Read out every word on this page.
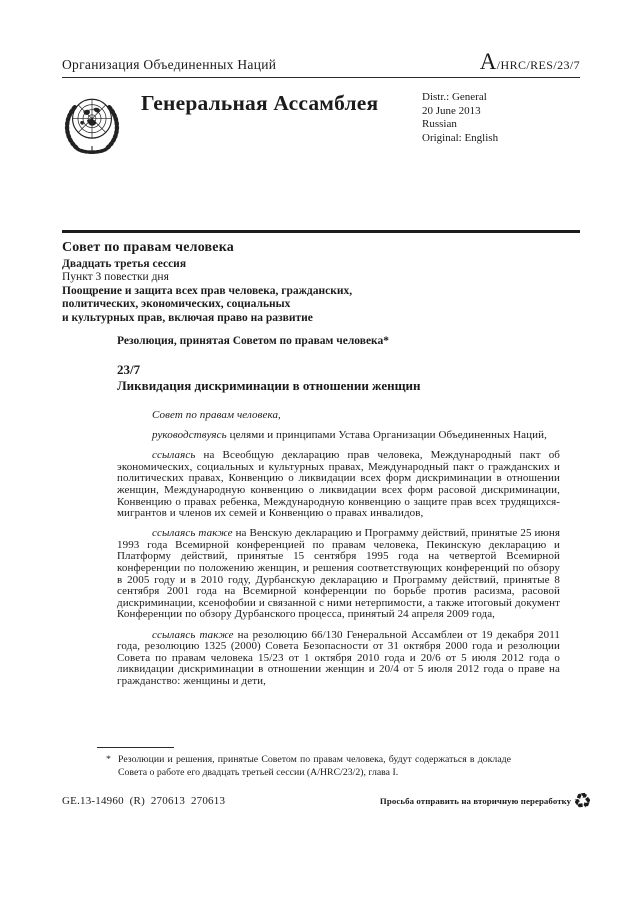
Организация Объединенных Наций	A/HRC/RES/23/7
Генеральная Ассамблея	Distr.: General
20 June 2013
Russian
Original: English
Совет по правам человека
Двадцать третья сессия
Пункт 3 повестки дня
Поощрение и защита всех прав человека, гражданских,
политических, экономических, социальных
и культурных прав, включая право на развитие
Резолюция, принятая Советом по правам человека*
23/7
Ликвидация дискриминации в отношении женщин

Совет по правам человека,

руководствуясь целями и принципами Устава Организации Объединенных Наций,

ссылаясь на Всеобщую декларацию прав человека, Международный пакт об экономических, социальных и культурных правах, Международный пакт о гражданских и политических правах, Конвенцию о ликвидации всех форм дискриминации в отношении женщин, Международную конвенцию о ликвидации всех форм расовой дискриминации, Конвенцию о правах ребенка, Международную конвенцию о защите прав всех трудящихся-мигрантов и членов их семей и Конвенцию о правах инвалидов,

ссылаясь также на Венскую декларацию и Программу действий, принятые 25 июня 1993 года Всемирной конференцией по правам человека, Пекинскую декларацию и Платформу действий, принятые 15 сентября 1995 года на четвертой Всемирной конференции по положению женщин, и решения соответствующих конференций по обзору в 2005 году и в 2010 году, Дурбанскую декларацию и Программу действий, принятые 8 сентября 2001 года на Всемирной конференции по борьбе против расизма, расовой дискриминации, ксенофобии и связанной с ними нетерпимости, а также итоговый документ Конференции по обзору Дурбанского процесса, принятый 24 апреля 2009 года,

ссылаясь также на резолюцию 66/130 Генеральной Ассамблеи от 19 декабря 2011 года, резолюцию 1325 (2000) Совета Безопасности от 31 октября 2000 года и резолюции Совета по правам человека 15/23 от 1 октября 2010 года и 20/6 от 5 июля 2012 года о ликвидации дискриминации в отношении женщин и 20/4 от 5 июля 2012 года о праве на гражданство: женщины и дети,

* Резолюции и решения, принятые Советом по правам человека, будут содержаться в докладе Совета о работе его двадцать третьей сессии (A/HRC/23/2), глава I.
GE.13-14960  (R)  270613  270613	Просьба отправить на вторичную переработку ♻
